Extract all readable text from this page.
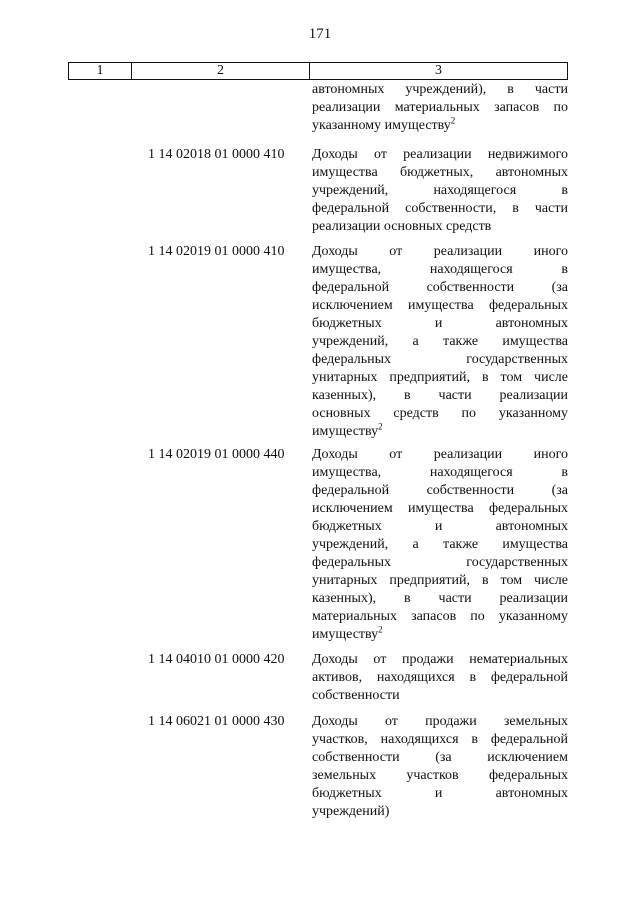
171
1	2	3
автономных учреждений), в части
реализации материальных запасов по
указанному имуществу$^2$
1 14 02018 01 0000 410	Доходы от реализации недвижимого
имущества бюджетных, автономных
учреждений,	находящегося	в
федеральной собственности, в части
реализации основных средств
1 14 02019 01 0000 410	Доходы от реализации иного
имущества,	находящегося	в
федеральной	собственности	(за
исключением имущества федеральных
бюджетных	и	автономных
учреждений, а также имущества
федеральных	государственных
унитарных предприятий, в том числе
казенных), в части реализации
основных средств по указанному
имуществу$^2$
1 14 02019 01 0000 440	Доходы от реализации иного
имущества,	находящегося	в
федеральной	собственности	(за
исключением имущества федеральных
бюджетных	и	автономных
учреждений, а также имущества
федеральных	государственных
унитарных предприятий, в том числе
казенных), в части реализации
материальных запасов по указанному
имуществу$^2$
1 14 04010 01 0000 420	Доходы от продажи нематериальных
активов, находящихся в федеральной
собственности
1 14 06021 01 0000 430	Доходы от продажи земельных
участков, находящихся в федеральной
собственности	(за	исключением
земельных участков федеральных
бюджетных	и	автономных
учреждений)
